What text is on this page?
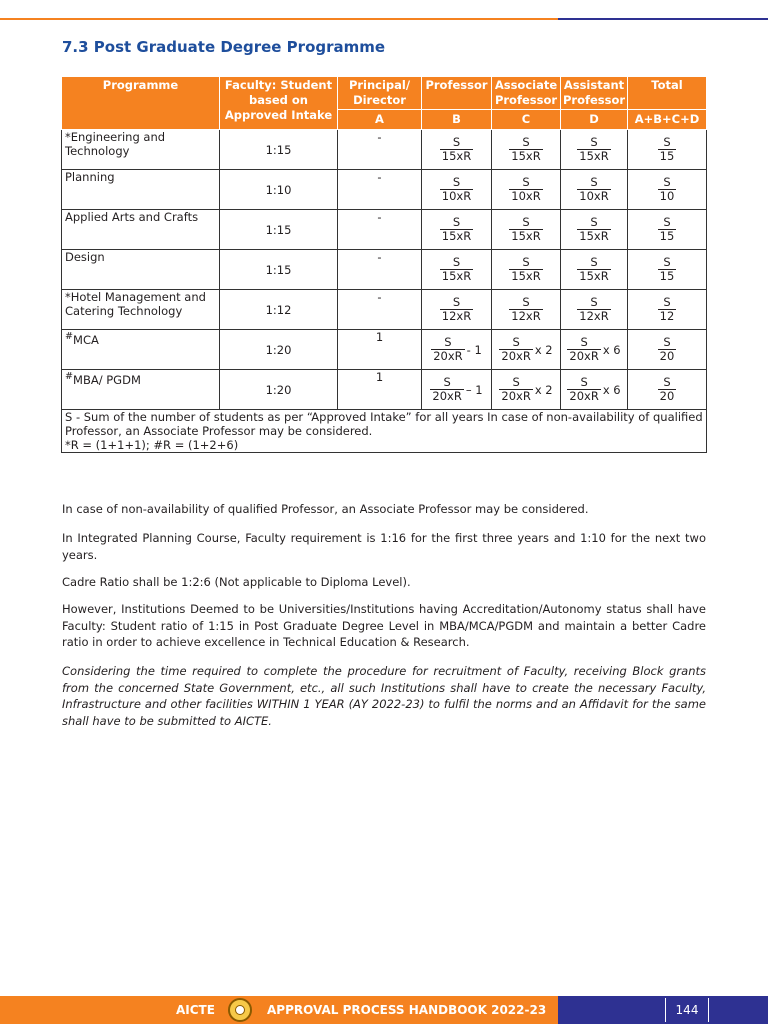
7.3 Post Graduate Degree Programme
Programme	Faculty: Student based on Approved Intake	Principal/ Director	Professor	Associate Professor	Assistant Professor	Total
		A	B	C	D	A+B+C+D
*Engineering and Technology	1:15	-	$\frac{S}{15xR}$	$\frac{S}{15xR}$	$\frac{S}{15xR}$	$\frac{S}{15}$

Planning	1:10	-	$\frac{S}{10xR}$	$\frac{S}{10xR}$	$\frac{S}{10xR}$	$\frac{S}{10}$

Applied Arts and Crafts	1:15	-	$\frac{S}{15xR}$	$\frac{S}{15xR}$	$\frac{S}{15xR}$	$\frac{S}{15}$

Design	1:15	-	$\frac{S}{15xR}$	$\frac{S}{15xR}$	$\frac{S}{15xR}$	$\frac{S}{15}$

*Hotel Management and Catering Technology	1:12	-	$\frac{S}{12xR}$	$\frac{S}{12xR}$	$\frac{S}{12xR}$	$\frac{S}{12}$

#MCA	1:20	1	$\frac{S}{20xR} - 1$	$\frac{S}{20xR}$ x 2	$\frac{S}{20xR}$ x 6	$\frac{S}{20}$

#MBA/ PGDM	1:20	1	$\frac{S}{20xR} - 1$	$\frac{S}{20xR}$ x 2	$\frac{S}{20xR}$ x 6	$\frac{S}{20}$

S - Sum of the number of students as per “Approved Intake” for all years In case of non-availability of qualified Professor, an Associate Professor may be considered.
*R = (1+1+1); #R = (1+2+6)						
In case of non-availability of qualified Professor, an Associate Professor may be considered.
In Integrated Planning Course, Faculty requirement is 1:16 for the first three years and 1:10 for the next two years.
Cadre Ratio shall be 1:2:6 (Not applicable to Diploma Level).
However, Institutions Deemed to be Universities/Institutions having Accreditation/Autonomy status shall have Faculty: Student ratio of 1:15 in Post Graduate Degree Level in MBA/MCA/PGDM and maintain a better Cadre ratio in order to achieve excellence in Technical Education & Research.
Considering the time required to complete the procedure for recruitment of Faculty, receiving Block grants from the concerned State Government, etc., all such Institutions shall have to create the necessary Faculty, Infrastructure and other facilities WITHIN 1 YEAR (AY 2022-23) to fulfil the norms and an Affidavit for the same shall have to be submitted to AICTE.
AICTE	APPROVAL PROCESS HANDBOOK 2022-23	144
